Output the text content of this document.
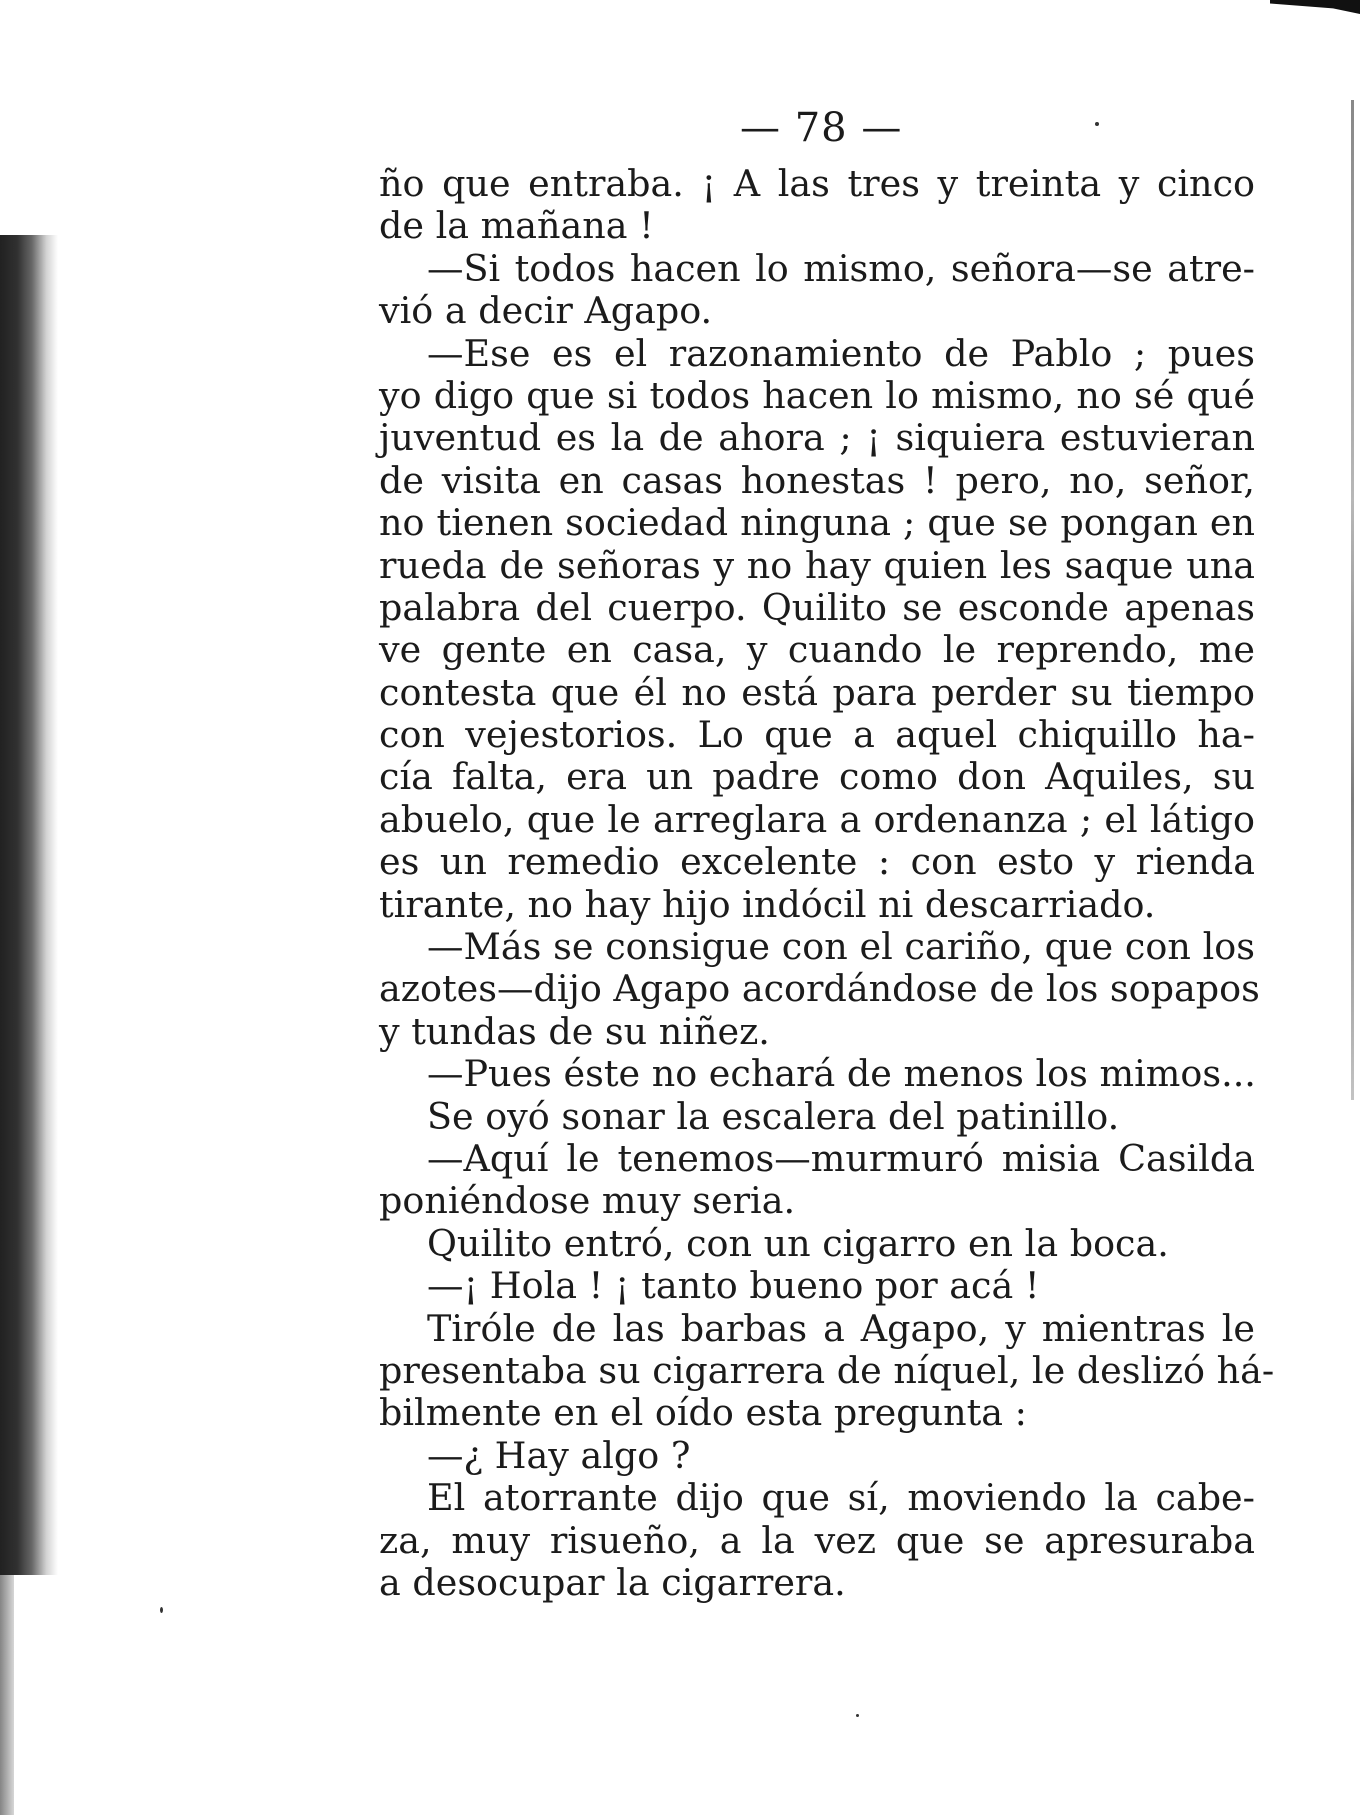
— 78 —
ño que entraba. ¡ A las tres y treinta y cinco
de la mañana !
—Si todos hacen lo mismo, señora—se atre-
vió a decir Agapo.
—Ese es el razonamiento de Pablo ; pues
yo digo que si todos hacen lo mismo, no sé qué
juventud es la de ahora ; ¡ siquiera estuvieran
de visita en casas honestas ! pero, no, señor,
no tienen sociedad ninguna ; que se pongan en
rueda de señoras y no hay quien les saque una
palabra del cuerpo. Quilito se esconde apenas
ve gente en casa, y cuando le reprendo, me
contesta que él no está para perder su tiempo
con vejestorios. Lo que a aquel chiquillo ha-
cía falta, era un padre como don Aquiles, su
abuelo, que le arreglara a ordenanza ; el látigo
es un remedio excelente : con esto y rienda
tirante, no hay hijo indócil ni descarriado.
—Más se consigue con el cariño, que con los
azotes—dijo Agapo acordándose de los sopapos
y tundas de su niñez.
—Pues éste no echará de menos los mimos...
Se oyó sonar la escalera del patinillo.
—Aquí le tenemos—murmuró misia Casilda
poniéndose muy seria.
Quilito entró, con un cigarro en la boca.
—¡ Hola ! ¡ tanto bueno por acá !
Tiróle de las barbas a Agapo, y mientras le
presentaba su cigarrera de níquel, le deslizó há-
bilmente en el oído esta pregunta :
—¿ Hay algo ?
El atorrante dijo que sí, moviendo la cabe-
za, muy risueño, a la vez que se apresuraba
a desocupar la cigarrera.
